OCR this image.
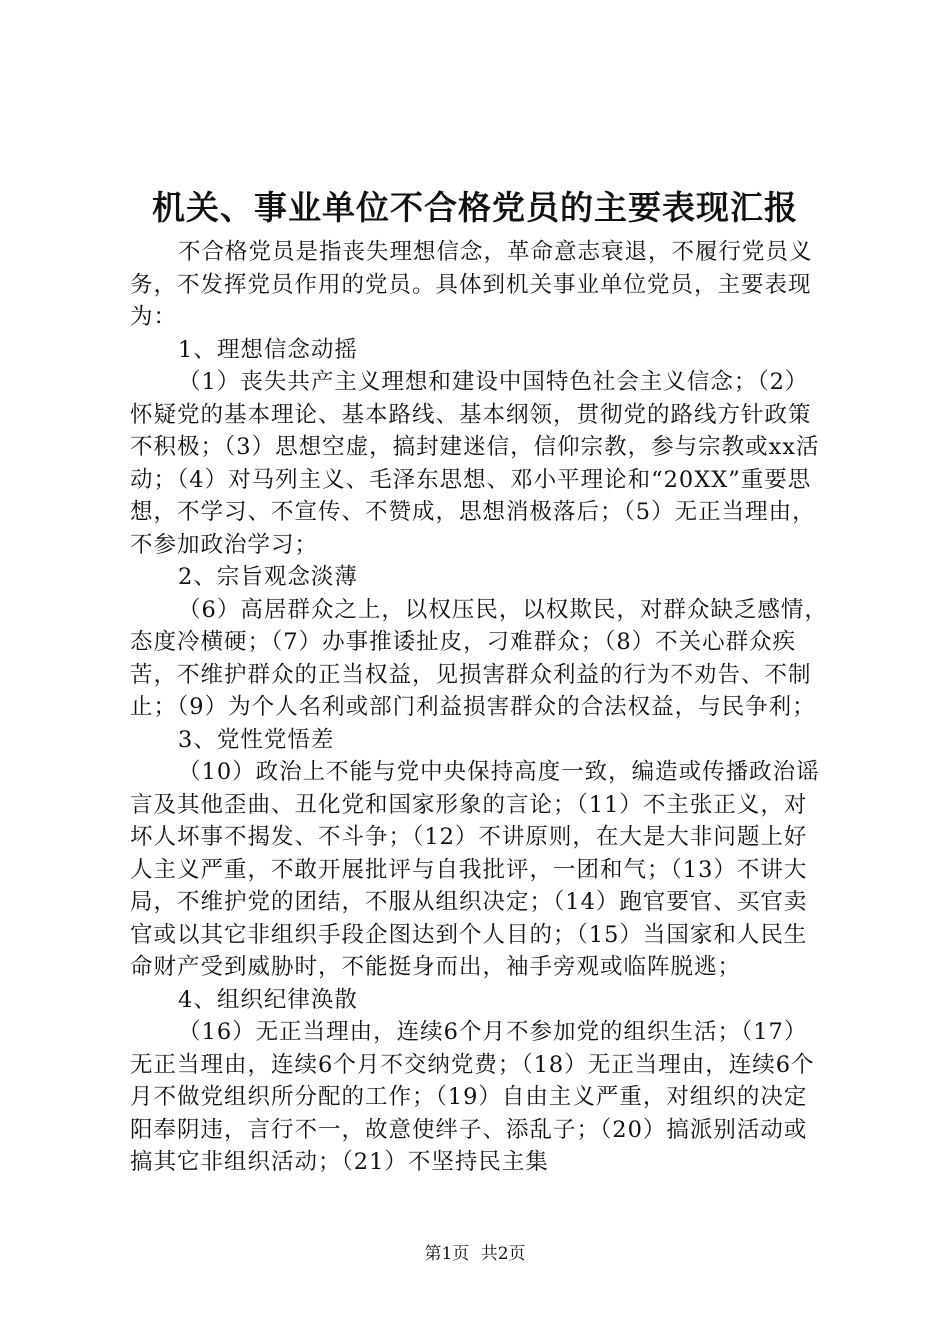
机关、事业单位不合格党员的主要表现汇报

不合格党员是指丧失理想信念，革命意志衰退，不履行党员义务，不发挥党员作用的党员。具体到机关事业单位党员，主要表现为：

1、理想信念动摇

（1）丧失共产主义理想和建设中国特色社会主义信念；（2）怀疑党的基本理论、基本路线、基本纲领，贯彻党的路线方针政策不积极；（3）思想空虚，搞封建迷信，信仰宗教，参与宗教或xx活动；（4）对马列主义、毛泽东思想、邓小平理论和“20XX”重要思想，不学习、不宣传、不赞成，思想消极落后；（5）无正当理由，不参加政治学习；

2、宗旨观念淡薄

（6）高居群众之上，以权压民，以权欺民，对群众缺乏感情，态度冷横硬；（7）办事推诿扯皮，刁难群众；（8）不关心群众疾苦，不维护群众的正当权益，见损害群众利益的行为不劝告、不制止；（9）为个人名利或部门利益损害群众的合法权益，与民争利；

3、党性党悟差

（10）政治上不能与党中央保持高度一致，编造或传播政治谣言及其他歪曲、丑化党和国家形象的言论；（11）不主张正义，对坏人坏事不揭发、不斗争；（12）不讲原则，在大是大非问题上好人主义严重，不敢开展批评与自我批评，一团和气；（13）不讲大局，不维护党的团结，不服从组织决定；（14）跑官要官、买官卖官或以其它非组织手段企图达到个人目的；（15）当国家和人民生命财产受到威胁时，不能挺身而出，袖手旁观或临阵脱逃；

4、组织纪律涣散

（16）无正当理由，连续6个月不参加党的组织生活；（17）无正当理由，连续6个月不交纳党费；（18）无正当理由，连续6个月不做党组织所分配的工作；（19）自由主义严重，对组织的决定阳奉阴违，言行不一，故意使绊子、添乱子；（20）搞派别活动或搞其它非组织活动；（21）不坚持民主集

第1页 共2页
